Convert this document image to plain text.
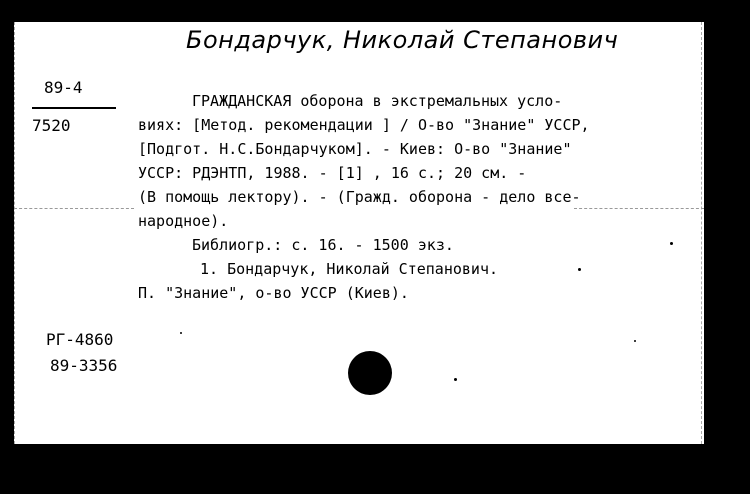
Бондарчук, Николай Степанович
89-4
7520
ГРАЖДАНСКАЯ оборона в экстремальных усло-
виях: [Метод. рекомендации ] / О-во "Знание" УССР,
[Подгот. Н.С.Бондарчуком]. - Киев: О-во "Знание"
УССР: РДЭНТП, 1988. - [1] , 16 с.; 20 см. -
(В помощь лектору). - (Гражд. оборона - дело все-
народное).
Библиогр.: с. 16. - 1500 экз.
1. Бондарчук, Николай Степанович.
П. "Знание", о-во УССР (Киев).
РГ-4860
89-3356
